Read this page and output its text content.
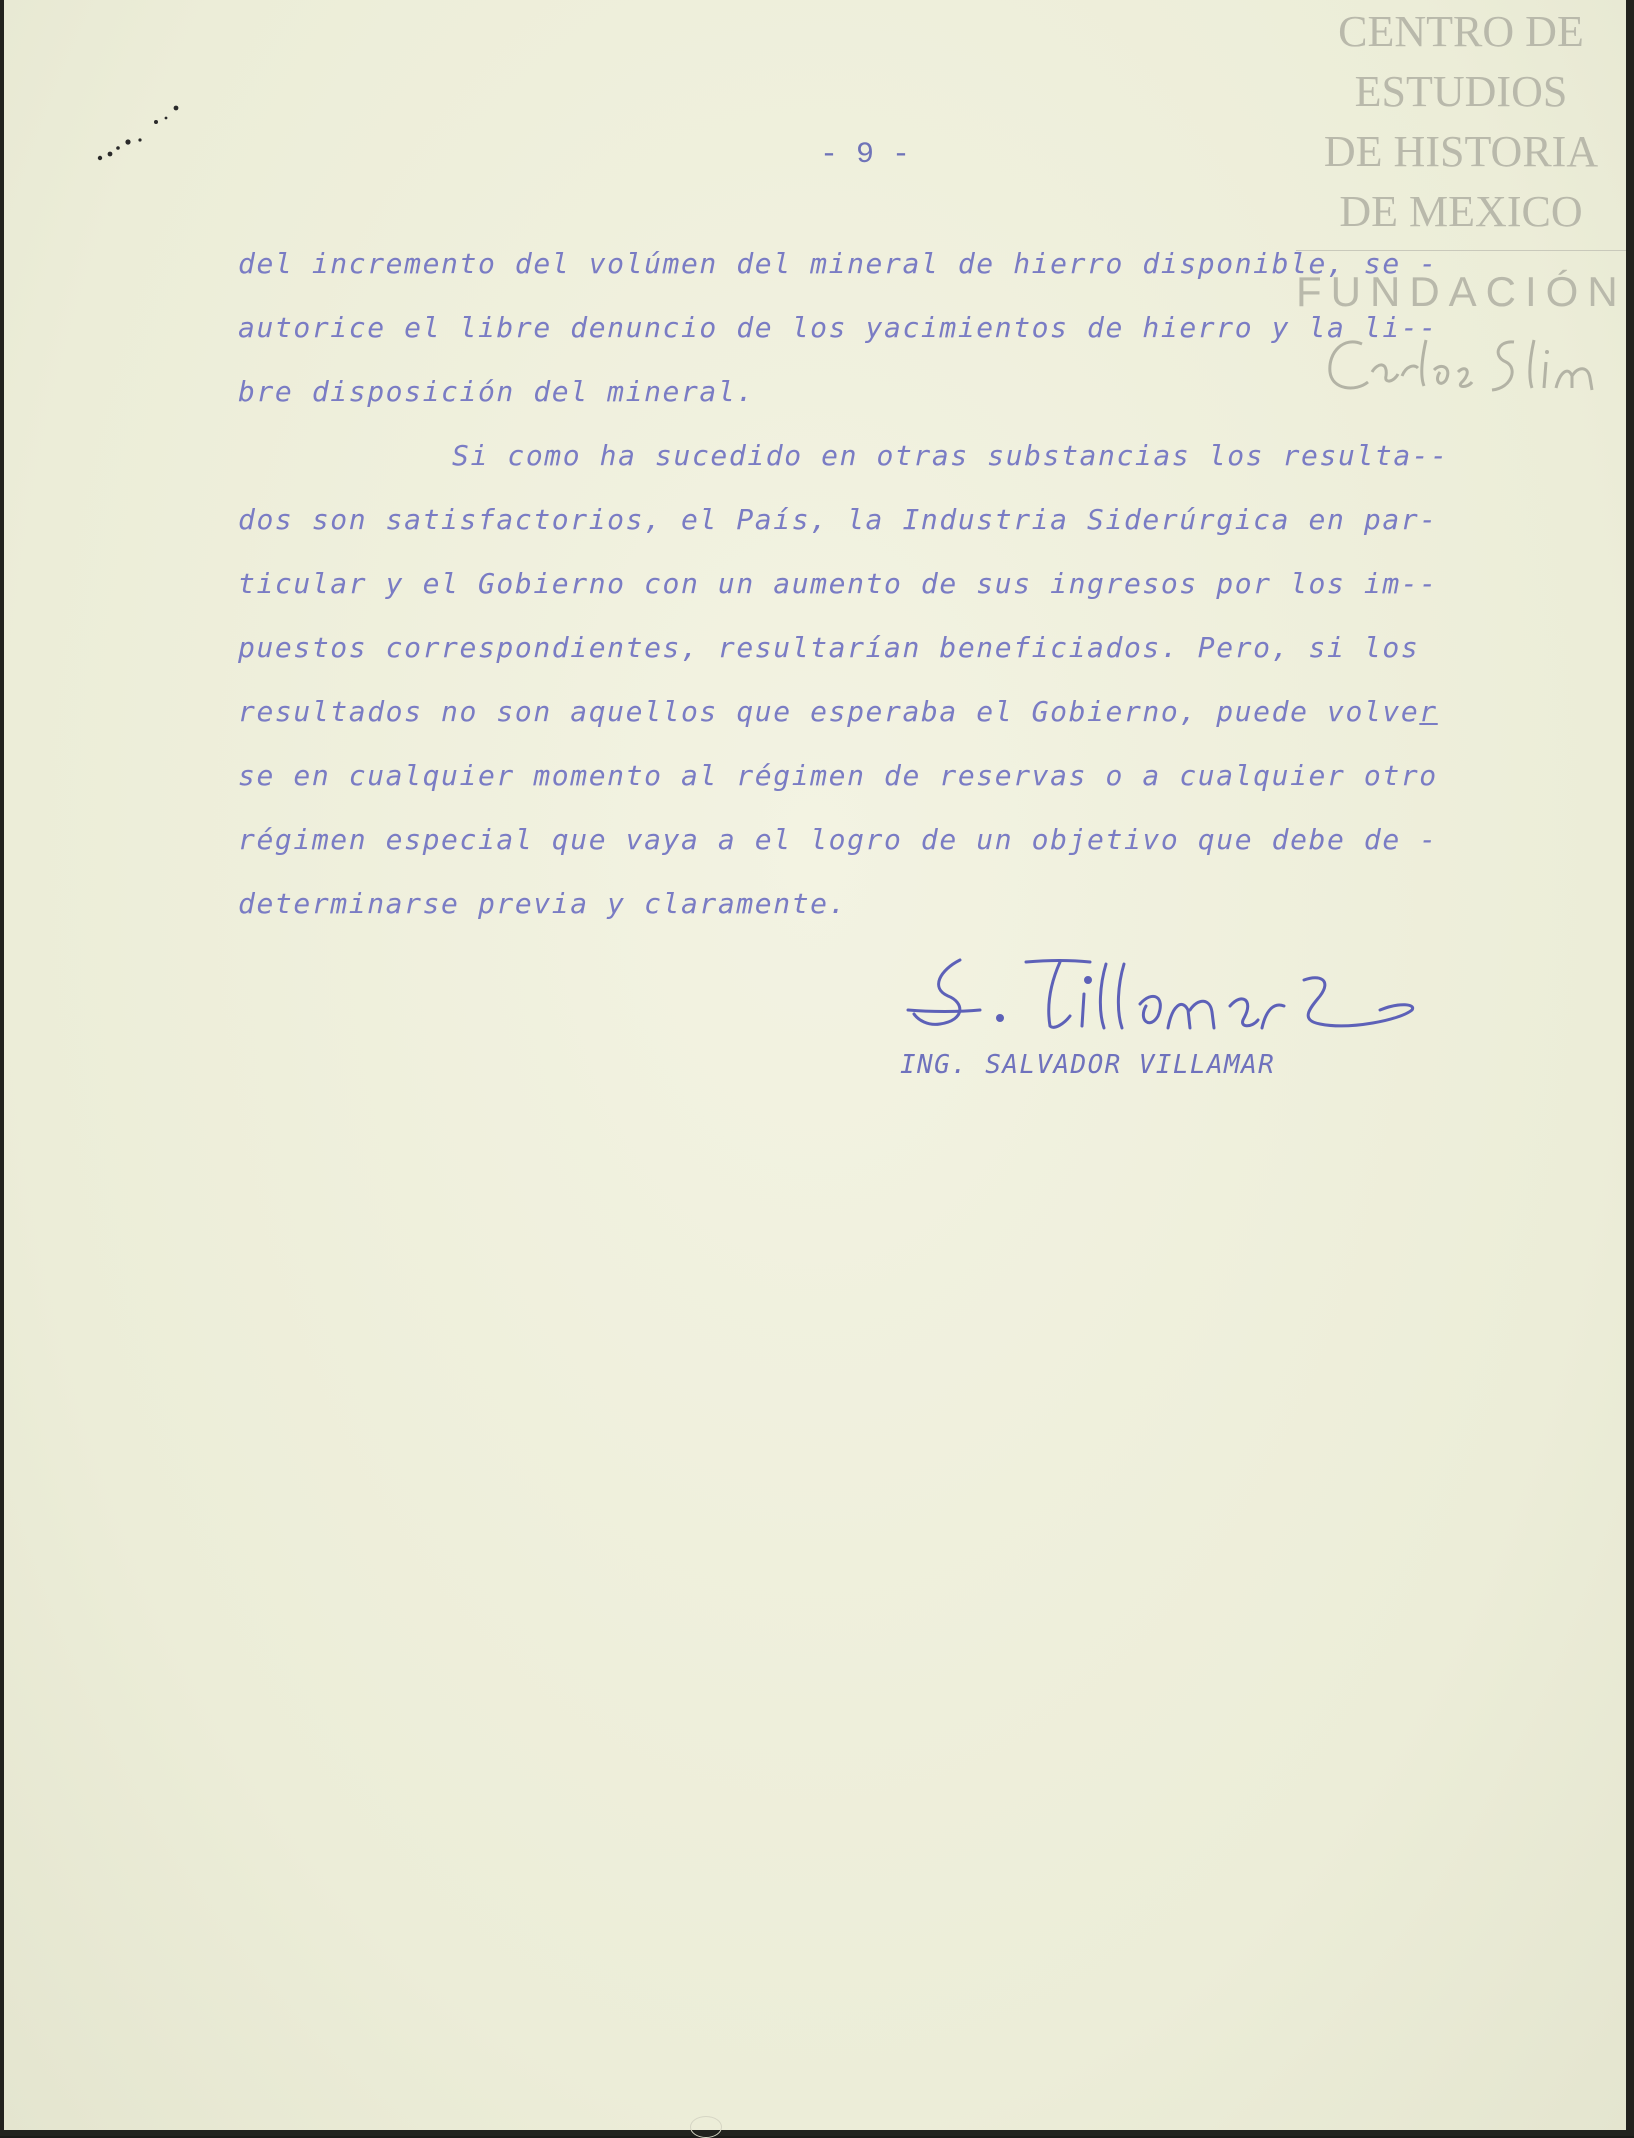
CENTRO DE
ESTUDIOS
DE HISTORIA
DE MEXICO
FUNDACIÓN
- 9 -
del incremento del volúmen del mineral de hierro disponible, se -
autorice el libre denuncio de los yacimientos de hierro y la li--
bre disposición del mineral.
Si como ha sucedido en otras substancias los resulta--
dos son satisfactorios, el País, la Industria Siderúrgica en par-
ticular y el Gobierno con un aumento de sus ingresos por los im--
puestos correspondientes, resultarían beneficiados. Pero, si los
resultados no son aquellos que esperaba el Gobierno, puede volver
se en cualquier momento al régimen de reservas o a cualquier otro
régimen especial que vaya a el logro de un objetivo que debe de -
determinarse previa y claramente.
ING. SALVADOR VILLAMAR
